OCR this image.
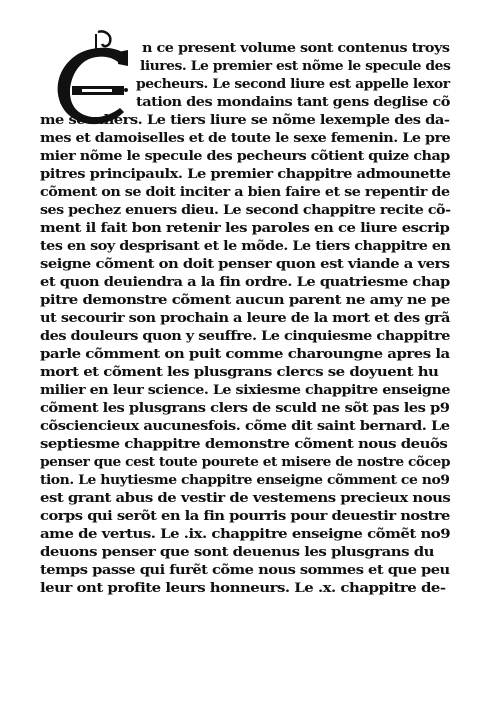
n ce present volume sont contenus troys
liures. Le premier est nõme le specule des
pecheurs. Le second liure est appelle lexor
tation des mondains tant gens deglise cõ
me seculiers. Le tiers liure se nõme lexemple des da-
mes et damoiselles et de toute le sexe femenin. Le pre
mier nõme le specule des pecheurs cõtient quize chap
pitres principaulx. Le premier chappitre admounette
cõment on se doit inciter a bien faire et se repentir de
ses pechez enuers dieu. Le second chappitre recite cõ-
ment il fait bon retenir les paroles en ce liure escrip
tes en soy desprisant et le mõde. Le tiers chappitre en
seigne cõment on doit penser quon est viande a vers
et quon deuiendra a la fin ordre. Le quatriesme chap
pitre demonstre cõment aucun parent ne amy ne pe
ut secourir son prochain a leure de la mort et des grã
des douleurs quon y seuffre. Le cinquiesme chappitre
parle cõmment on puit comme charoungne apres la
mort et cõment les plusgrans clercs se doyuent hu
milier en leur science. Le sixiesme chappitre enseigne
cõment les plusgrans clers de sculd ne sõt pas les p9
cõsciencieux aucunesfois. cõme dit saint bernard. Le
septiesme chappitre demonstre cõment nous deuõs
penser que cest toute pourete et misere de nostre cõcep
tion. Le huytiesme chappitre enseigne cõmment ce no9
est grant abus de vestir de vestemens precieux nous
corps qui serõt en la fin pourris pour deuestir nostre
ame de vertus. Le .ix. chappitre enseigne cõmẽt no9
deuons penser que sont deuenus les plusgrans du
temps passe qui furẽt cõme nous sommes et que peu
leur ont profite leurs honneurs. Le .x. chappitre de-
